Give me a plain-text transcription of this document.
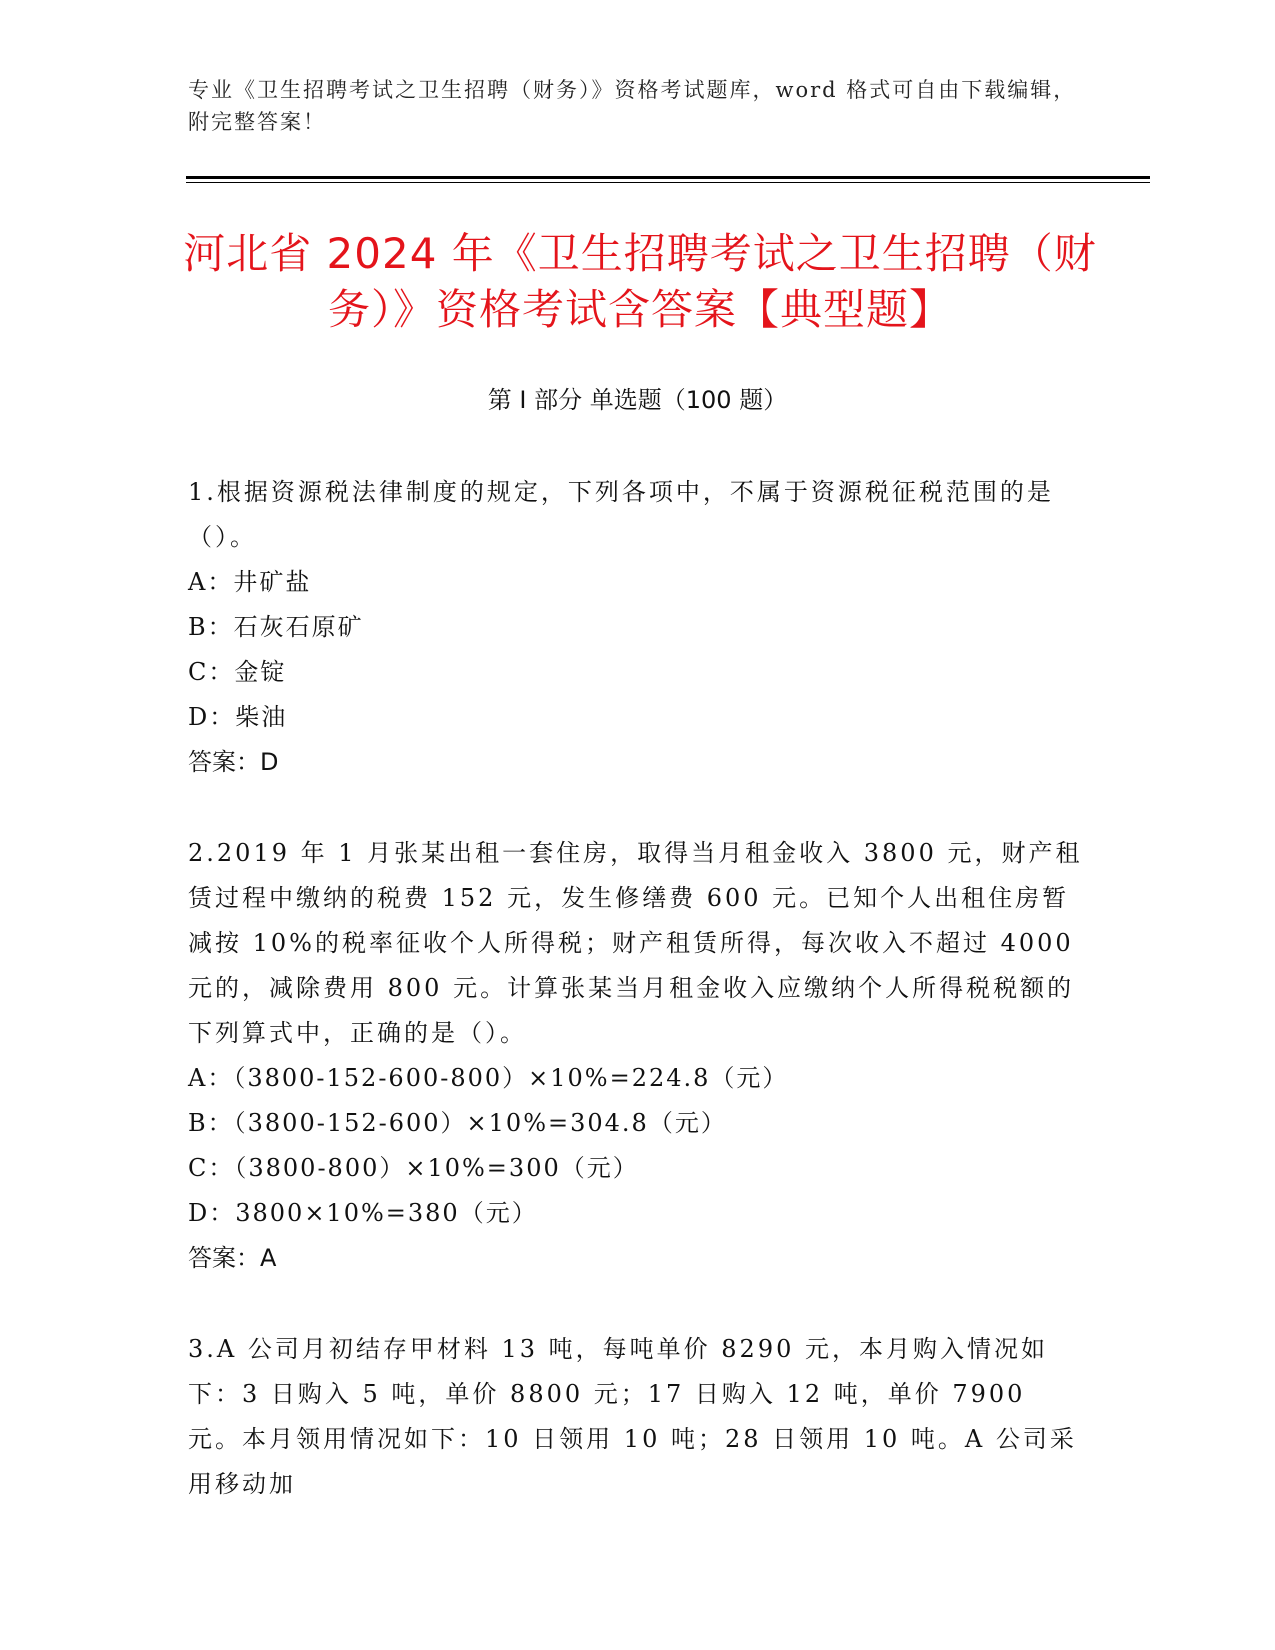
专业《卫生招聘考试之卫生招聘（财务）》资格考试题库，word 格式可自由下载编辑，附完整答案！
河北省 2024 年《卫生招聘考试之卫生招聘（财务）》资格考试含答案【典型题】
第 I 部分 单选题（100 题）

1.根据资源税法律制度的规定，下列各项中，不属于资源税征税范围的是（）。

A：井矿盐

B：石灰石原矿

C：金锭

D：柴油

答案：D

2.2019 年 1 月张某出租一套住房，取得当月租金收入 3800 元，财产租赁过程中缴纳的税费 152 元，发生修缮费 600 元。已知个人出租住房暂减按 10%的税率征收个人所得税；财产租赁所得，每次收入不超过 4000 元的，减除费用 800 元。计算张某当月租金收入应缴纳个人所得税税额的下列算式中，正确的是（）。

A：（3800-152-600-800）×10%=224.8（元）

B：（3800-152-600）×10%=304.8（元）

C：（3800-800）×10%=300（元）

D：3800×10%=380（元）

答案：A

3.A 公司月初结存甲材料 13 吨，每吨单价 8290 元，本月购入情况如下：3 日购入 5 吨，单价 8800 元；17 日购入 12 吨，单价 7900 元。本月领用情况如下：10 日领用 10 吨；28 日领用 10 吨。A 公司采用移动加
